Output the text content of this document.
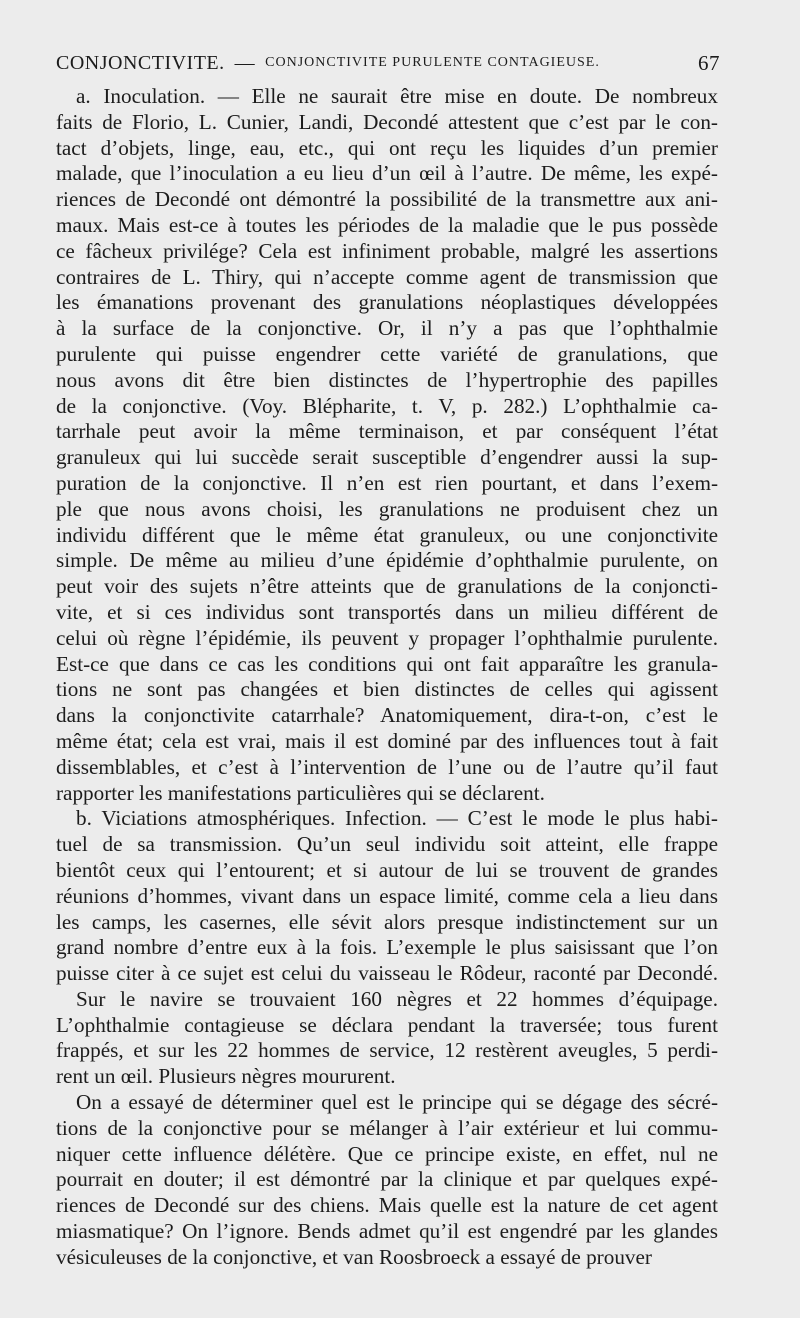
CONJONCTIVITE. — CONJONCTIVITE PURULENTE CONTAGIEUSE.	67
a. Inoculation. — Elle ne saurait être mise en doute. De nombreux
faits de Florio, L. Cunier, Landi, Decondé attestent que c’est par le con-
tact d’objets, linge, eau, etc., qui ont reçu les liquides d’un premier
malade, que l’inoculation a eu lieu d’un œil à l’autre. De même, les expé-
riences de Decondé ont démontré la possibilité de la transmettre aux ani-
maux. Mais est-ce à toutes les périodes de la maladie que le pus possède
ce fâcheux privilége? Cela est infiniment probable, malgré les assertions
contraires de L. Thiry, qui n’accepte comme agent de transmission que
les émanations provenant des granulations néoplastiques développées
à la surface de la conjonctive. Or, il n’y a pas que l’ophthalmie
purulente qui puisse engendrer cette variété de granulations, que
nous avons dit être bien distinctes de l’hypertrophie des papilles
de la conjonctive. (Voy. Blépharite, t. V, p. 282.) L’ophthalmie ca-
tarrhale peut avoir la même terminaison, et par conséquent l’état
granuleux qui lui succède serait susceptible d’engendrer aussi la sup-
puration de la conjonctive. Il n’en est rien pourtant, et dans l’exem-
ple que nous avons choisi, les granulations ne produisent chez un
individu différent que le même état granuleux, ou une conjonctivite
simple. De même au milieu d’une épidémie d’ophthalmie purulente, on
peut voir des sujets n’être atteints que de granulations de la conjoncti-
vite, et si ces individus sont transportés dans un milieu différent de
celui où règne l’épidémie, ils peuvent y propager l’ophthalmie purulente.
Est-ce que dans ce cas les conditions qui ont fait apparaître les granula-
tions ne sont pas changées et bien distinctes de celles qui agissent
dans la conjonctivite catarrhale? Anatomiquement, dira-t-on, c’est le
même état; cela est vrai, mais il est dominé par des influences tout à fait
dissemblables, et c’est à l’intervention de l’une ou de l’autre qu’il faut
rapporter les manifestations particulières qui se déclarent.
b. Viciations atmosphériques. Infection. — C’est le mode le plus habi-
tuel de sa transmission. Qu’un seul individu soit atteint, elle frappe
bientôt ceux qui l’entourent; et si autour de lui se trouvent de grandes
réunions d’hommes, vivant dans un espace limité, comme cela a lieu dans
les camps, les casernes, elle sévit alors presque indistinctement sur un
grand nombre d’entre eux à la fois. L’exemple le plus saisissant que l’on
puisse citer à ce sujet est celui du vaisseau le Rôdeur, raconté par Decondé.
Sur le navire se trouvaient 160 nègres et 22 hommes d’équipage.
L’ophthalmie contagieuse se déclara pendant la traversée; tous furent
frappés, et sur les 22 hommes de service, 12 restèrent aveugles, 5 perdi-
rent un œil. Plusieurs nègres moururent.
On a essayé de déterminer quel est le principe qui se dégage des sécré-
tions de la conjonctive pour se mélanger à l’air extérieur et lui commu-
niquer cette influence délétère. Que ce principe existe, en effet, nul ne
pourrait en douter; il est démontré par la clinique et par quelques expé-
riences de Decondé sur des chiens. Mais quelle est la nature de cet agent
miasmatique? On l’ignore. Bends admet qu’il est engendré par les glandes
vésiculeuses de la conjonctive, et van Roosbroeck a essayé de prouver
